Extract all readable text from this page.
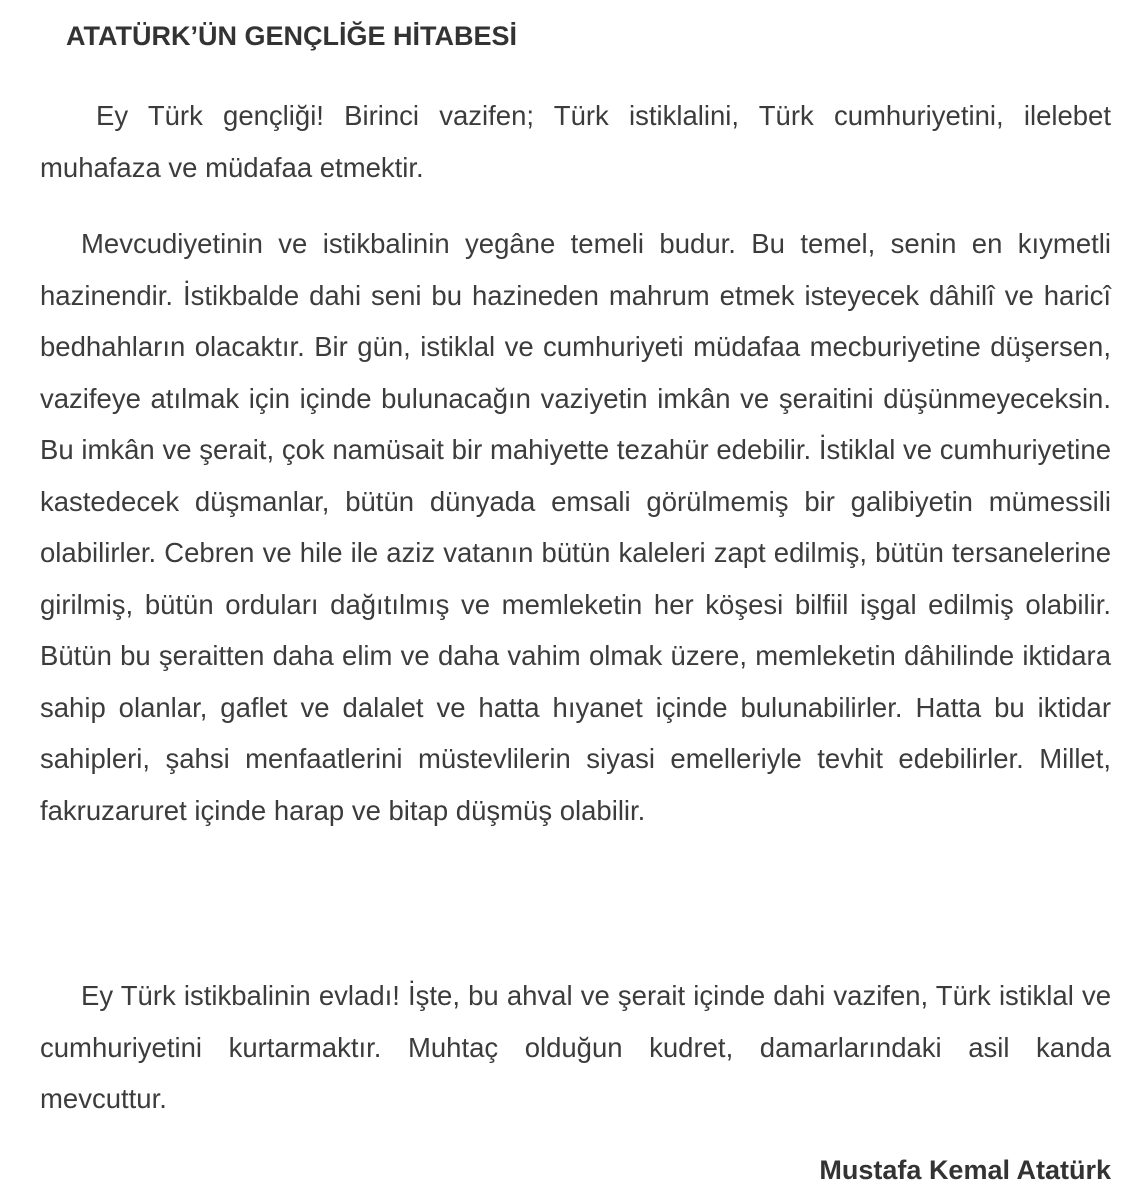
ATATÜRK’ÜN GENÇLİĞE HİTABESİ

Ey Türk gençliği! Birinci vazifen; Türk istiklalini, Türk cumhuriyetini, ilelebet muhafaza ve müdafaa etmektir.

Mevcudiyetinin ve istikbalinin yegâne temeli budur. Bu temel, senin en kıymetli hazinendir. İstikbalde dahi seni bu hazineden mahrum etmek isteyecek dâhilî ve haricî bedhahların olacaktır. Bir gün, istiklal ve cumhuriyeti müdafaa mecburiyetine düşersen, vazifeye atılmak için içinde bulunacağın vaziyetin imkân ve şeraitini düşünmeyeceksin. Bu imkân ve şerait, çok namüsait bir mahiyette tezahür edebilir. İstiklal ve cumhuriyetine kastedecek düşmanlar, bütün dünyada emsali görülmemiş bir galibiyetin mümessili olabilirler. Cebren ve hile ile aziz vatanın bütün kaleleri zapt edilmiş, bütün tersanelerine girilmiş, bütün orduları dağıtılmış ve memleketin her köşesi bilfiil işgal edilmiş olabilir. Bütün bu şeraitten daha elim ve daha vahim olmak üzere, memleketin dâhilinde iktidara sahip olanlar, gaflet ve dalalet ve hatta hıyanet içinde bulunabilirler. Hatta bu iktidar sahipleri, şahsi menfaatlerini müstevlilerin siyasi emelleriyle tevhit edebilirler. Millet, fakruzaruret içinde harap ve bitap düşmüş olabilir.

Ey Türk istikbalinin evladı! İşte, bu ahval ve şerait içinde dahi vazifen, Türk istiklal ve cumhuriyetini kurtarmaktır. Muhtaç olduğun kudret, damarlarındaki asil kanda mevcuttur.

Mustafa Kemal Atatürk
